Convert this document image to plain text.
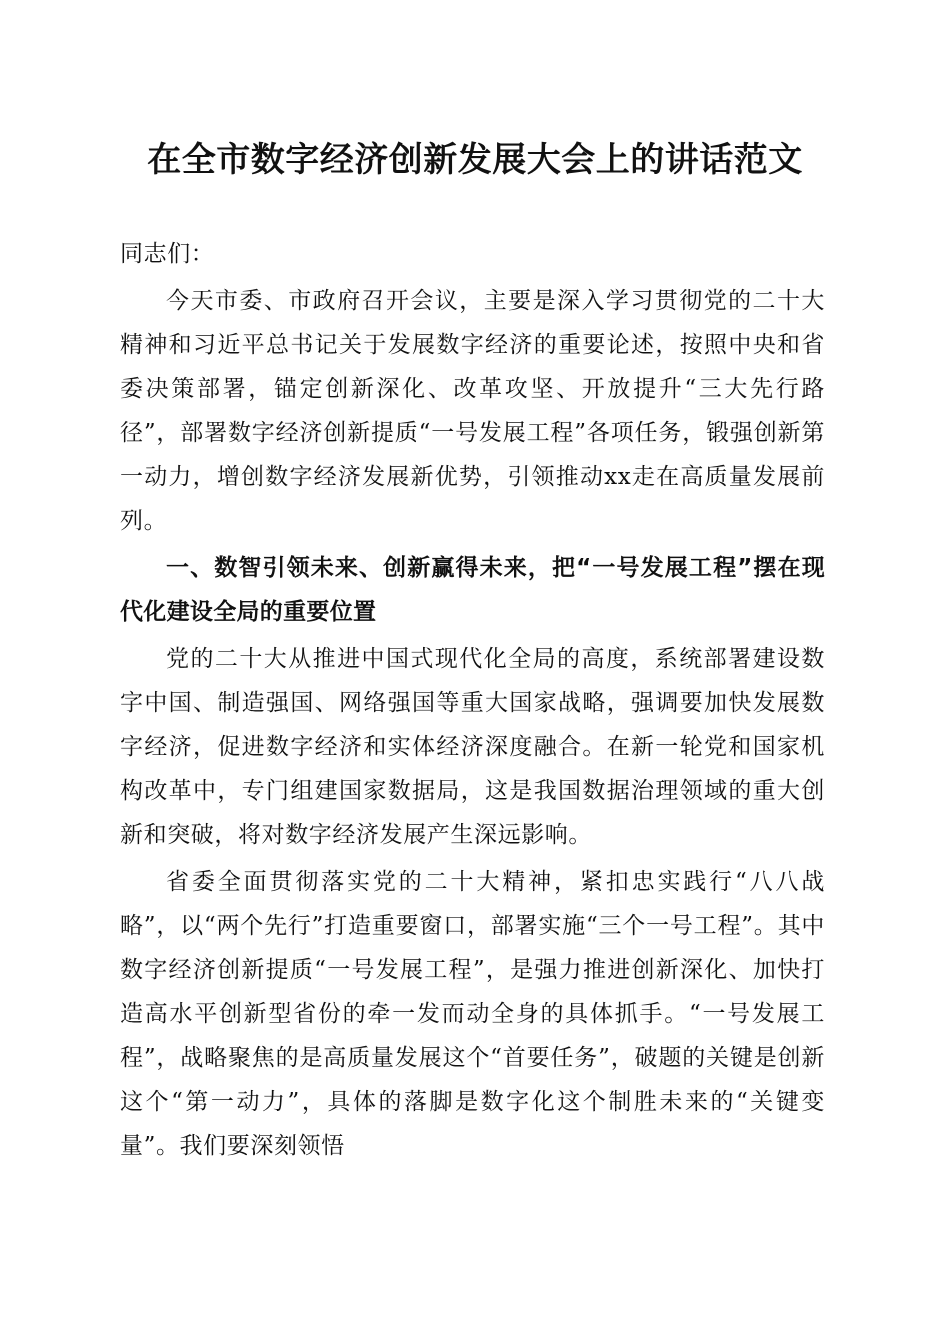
在全市数字经济创新发展大会上的讲话范文

同志们：

今天市委、市政府召开会议，主要是深入学习贯彻党的二十大精神和习近平总书记关于发展数字经济的重要论述，按照中央和省委决策部署，锚定创新深化、改革攻坚、开放提升“三大先行路径”，部署数字经济创新提质“一号发展工程”各项任务，锻强创新第一动力，增创数字经济发展新优势，引领推动xx走在高质量发展前列。

一、数智引领未来、创新赢得未来，把“一号发展工程”摆在现代化建设全局的重要位置

党的二十大从推进中国式现代化全局的高度，系统部署建设数字中国、制造强国、网络强国等重大国家战略，强调要加快发展数字经济，促进数字经济和实体经济深度融合。在新一轮党和国家机构改革中，专门组建国家数据局，这是我国数据治理领域的重大创新和突破，将对数字经济发展产生深远影响。

省委全面贯彻落实党的二十大精神，紧扣忠实践行“八八战略”，以“两个先行”打造重要窗口，部署实施“三个一号工程”。其中数字经济创新提质“一号发展工程”，是强力推进创新深化、加快打造高水平创新型省份的牵一发而动全身的具体抓手。“一号发展工程”，战略聚焦的是高质量发展这个“首要任务”，破题的关键是创新这个“第一动力”，具体的落脚是数字化这个制胜未来的“关键变量”。我们要深刻领悟
